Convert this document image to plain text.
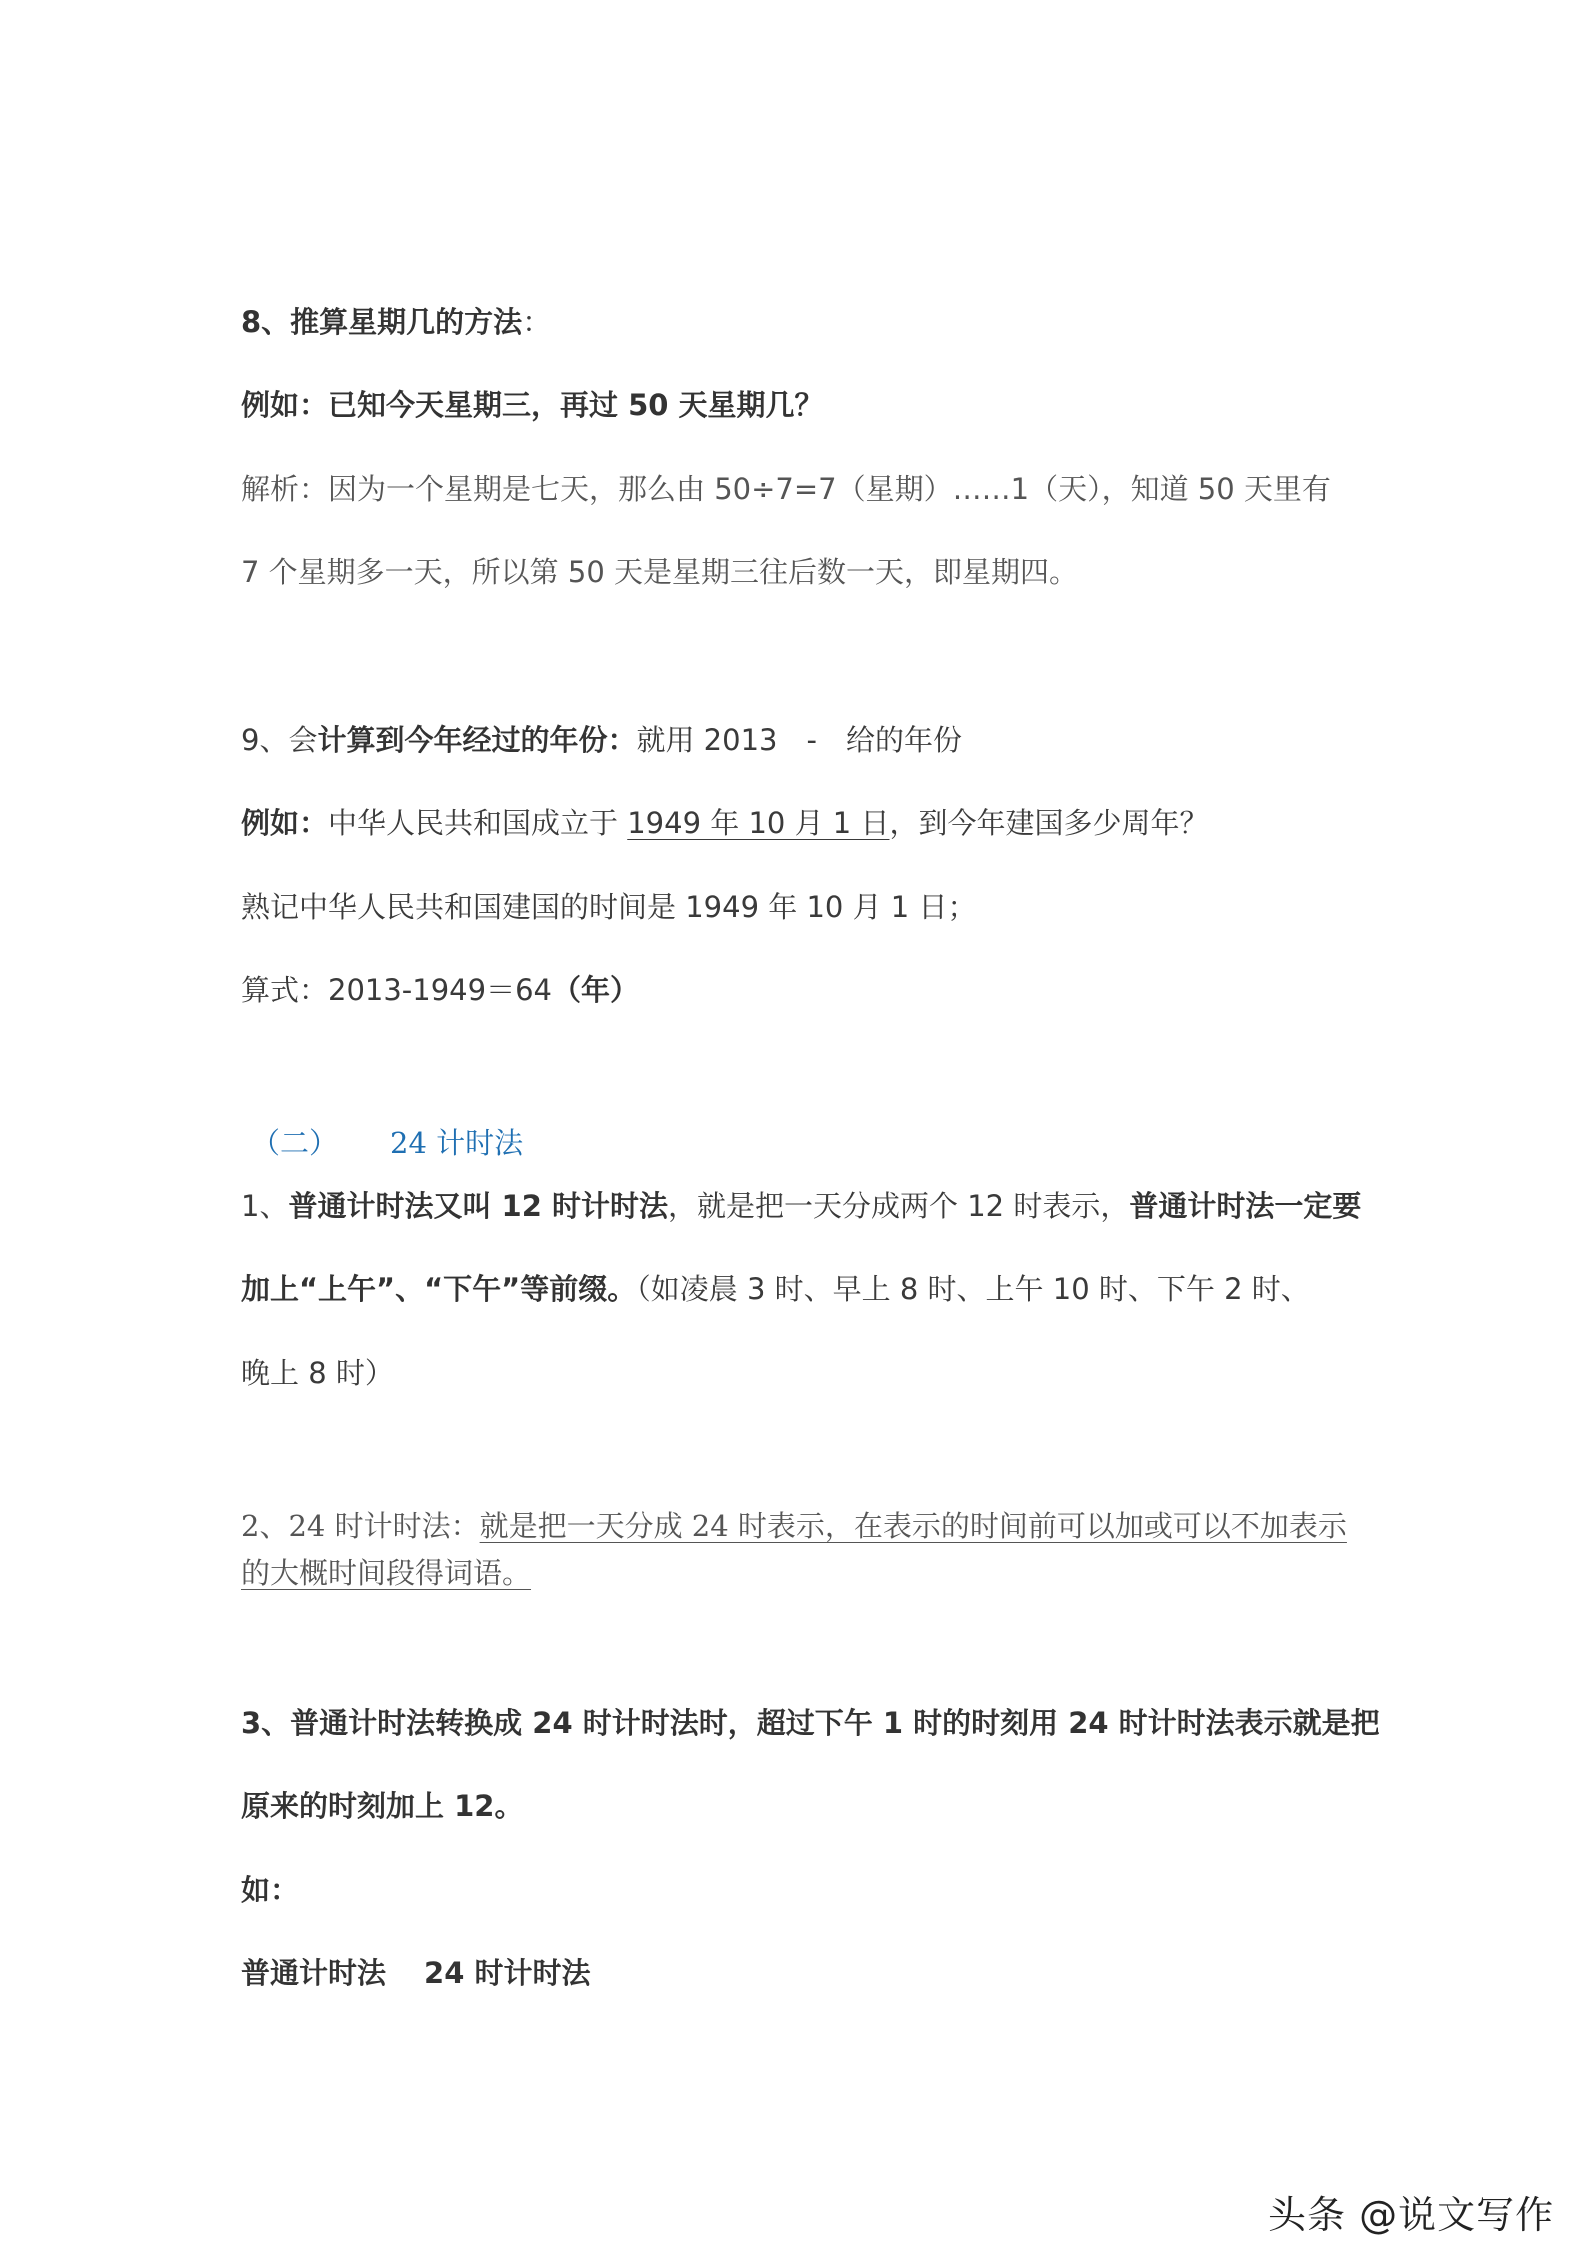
8、推算星期几的方法：
例如：已知今天星期三，再过 50 天星期几？
解析：因为一个星期是七天，那么由 50÷7=7（星期）……1（天），知道 50 天里有
7 个星期多一天，所以第 50 天是星期三往后数一天，即星期四。
9、会计算到今年经过的年份：就用 2013　-　给的年份
例如：中华人民共和国成立于 1949 年 10 月 1 日，到今年建国多少周年？
熟记中华人民共和国建国的时间是 1949 年 10 月 1 日；
算式：2013-1949＝64（年）
（二） 24 计时法
1、普通计时法又叫 12 时计时法，就是把一天分成两个 12 时表示，普通计时法一定要
加上“上午”、“下午”等前缀。（如凌晨 3 时、早上 8 时、上午 10 时、下午 2 时、
晚上 8 时）
2、24 时计时法：就是把一天分成 24 时表示，在表示的时间前可以加或可以不加表示
的大概时间段得词语。
3、普通计时法转换成 24 时计时法时，超过下午 1 时的时刻用 24 时计时法表示就是把
原来的时刻加上 12。
如：
普通计时法 24 时计时法
头条 @说文写作
